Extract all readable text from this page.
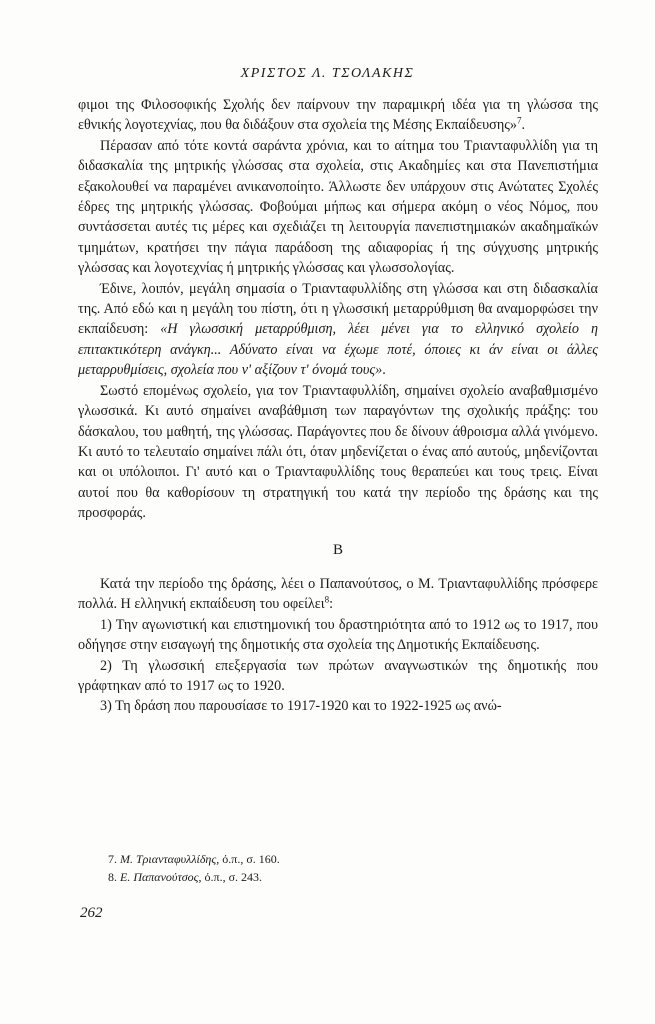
ΧΡΙΣΤΟΣ Λ. ΤΣΟΛΑΚΗΣ

φιμοι της Φιλοσοφικής Σχολής δεν παίρνουν την παραμικρή ιδέα για τη γλώσσα της εθνικής λογοτεχνίας, που θα διδάξουν στα σχολεία της Μέσης Εκπαίδευσης»$^7$.

Πέρασαν από τότε κοντά σαράντα χρόνια, και το αίτημα του Τριανταφυλλίδη για τη διδασκαλία της μητρικής γλώσσας στα σχολεία, στις Ακαδημίες και στα Πανεπιστήμια εξακολουθεί να παραμένει ανικανοποίητο. Άλλωστε δεν υπάρχουν στις Ανώτατες Σχολές έδρες της μητρικής γλώσσας. Φοβούμαι μήπως και σήμερα ακόμη ο νέος Νόμος, που συντάσσεται αυτές τις μέρες και σχεδιάζει τη λειτουργία πανεπιστημιακών ακαδημαϊκών τμημάτων, κρατήσει την πάγια παράδοση της αδιαφορίας ή της σύγχυσης μητρικής γλώσσας και λογοτεχνίας ή μητρικής γλώσσας και γλωσσολογίας.

Έδινε, λοιπόν, μεγάλη σημασία ο Τριανταφυλλίδης στη γλώσσα και στη διδασκαλία της. Από εδώ και η μεγάλη του πίστη, ότι η γλωσσική μεταρρύθμιση θα αναμορφώσει την εκπαίδευση: «Η γλωσσική μεταρρύθμιση, λέει μένει για το ελληνικό σχολείο η επιτακτικότερη ανάγκη... Αδύνατο είναι να έχωμε ποτέ, όποιες κι άν είναι οι άλλες μεταρρυθμίσεις, σχολεία που ν' αξίζουν τ' όνομά τους».

Σωστό επομένως σχολείο, για τον Τριανταφυλλίδη, σημαίνει σχολείο αναβαθμισμένο γλωσσικά. Κι αυτό σημαίνει αναβάθμιση των παραγόντων της σχολικής πράξης: του δάσκαλου, του μαθητή, της γλώσσας. Παράγοντες που δε δίνουν άθροισμα αλλά γινόμενο. Κι αυτό το τελευταίο σημαίνει πάλι ότι, όταν μηδενίζεται ο ένας από αυτούς, μηδενίζονται και οι υπόλοιποι. Γι' αυτό και ο Τριανταφυλλίδης τους θεραπεύει και τους τρεις. Είναι αυτοί που θα καθορίσουν τη στρατηγική του κατά την περίοδο της δράσης και της προσφοράς.

Β

Κατά την περίοδο της δράσης, λέει ο Παπανούτσος, ο Μ. Τριανταφυλλίδης πρόσφερε πολλά. Η ελληνική εκπαίδευση του οφείλει$^8$:

1) Την αγωνιστική και επιστημονική του δραστηριότητα από το 1912 ως το 1917, που οδήγησε στην εισαγωγή της δημοτικής στα σχολεία της Δημοτικής Εκπαίδευσης.

2) Τη γλωσσική επεξεργασία των πρώτων αναγνωστικών της δημοτικής που γράφτηκαν από το 1917 ως το 1920.

3) Τη δράση που παρουσίασε το 1917-1920 και το 1922-1925 ως ανώ-

7. Μ. Τριανταφυλλίδης, ό.π., σ. 160.
8. Ε. Παπανούτσος, ό.π., σ. 243.
262
